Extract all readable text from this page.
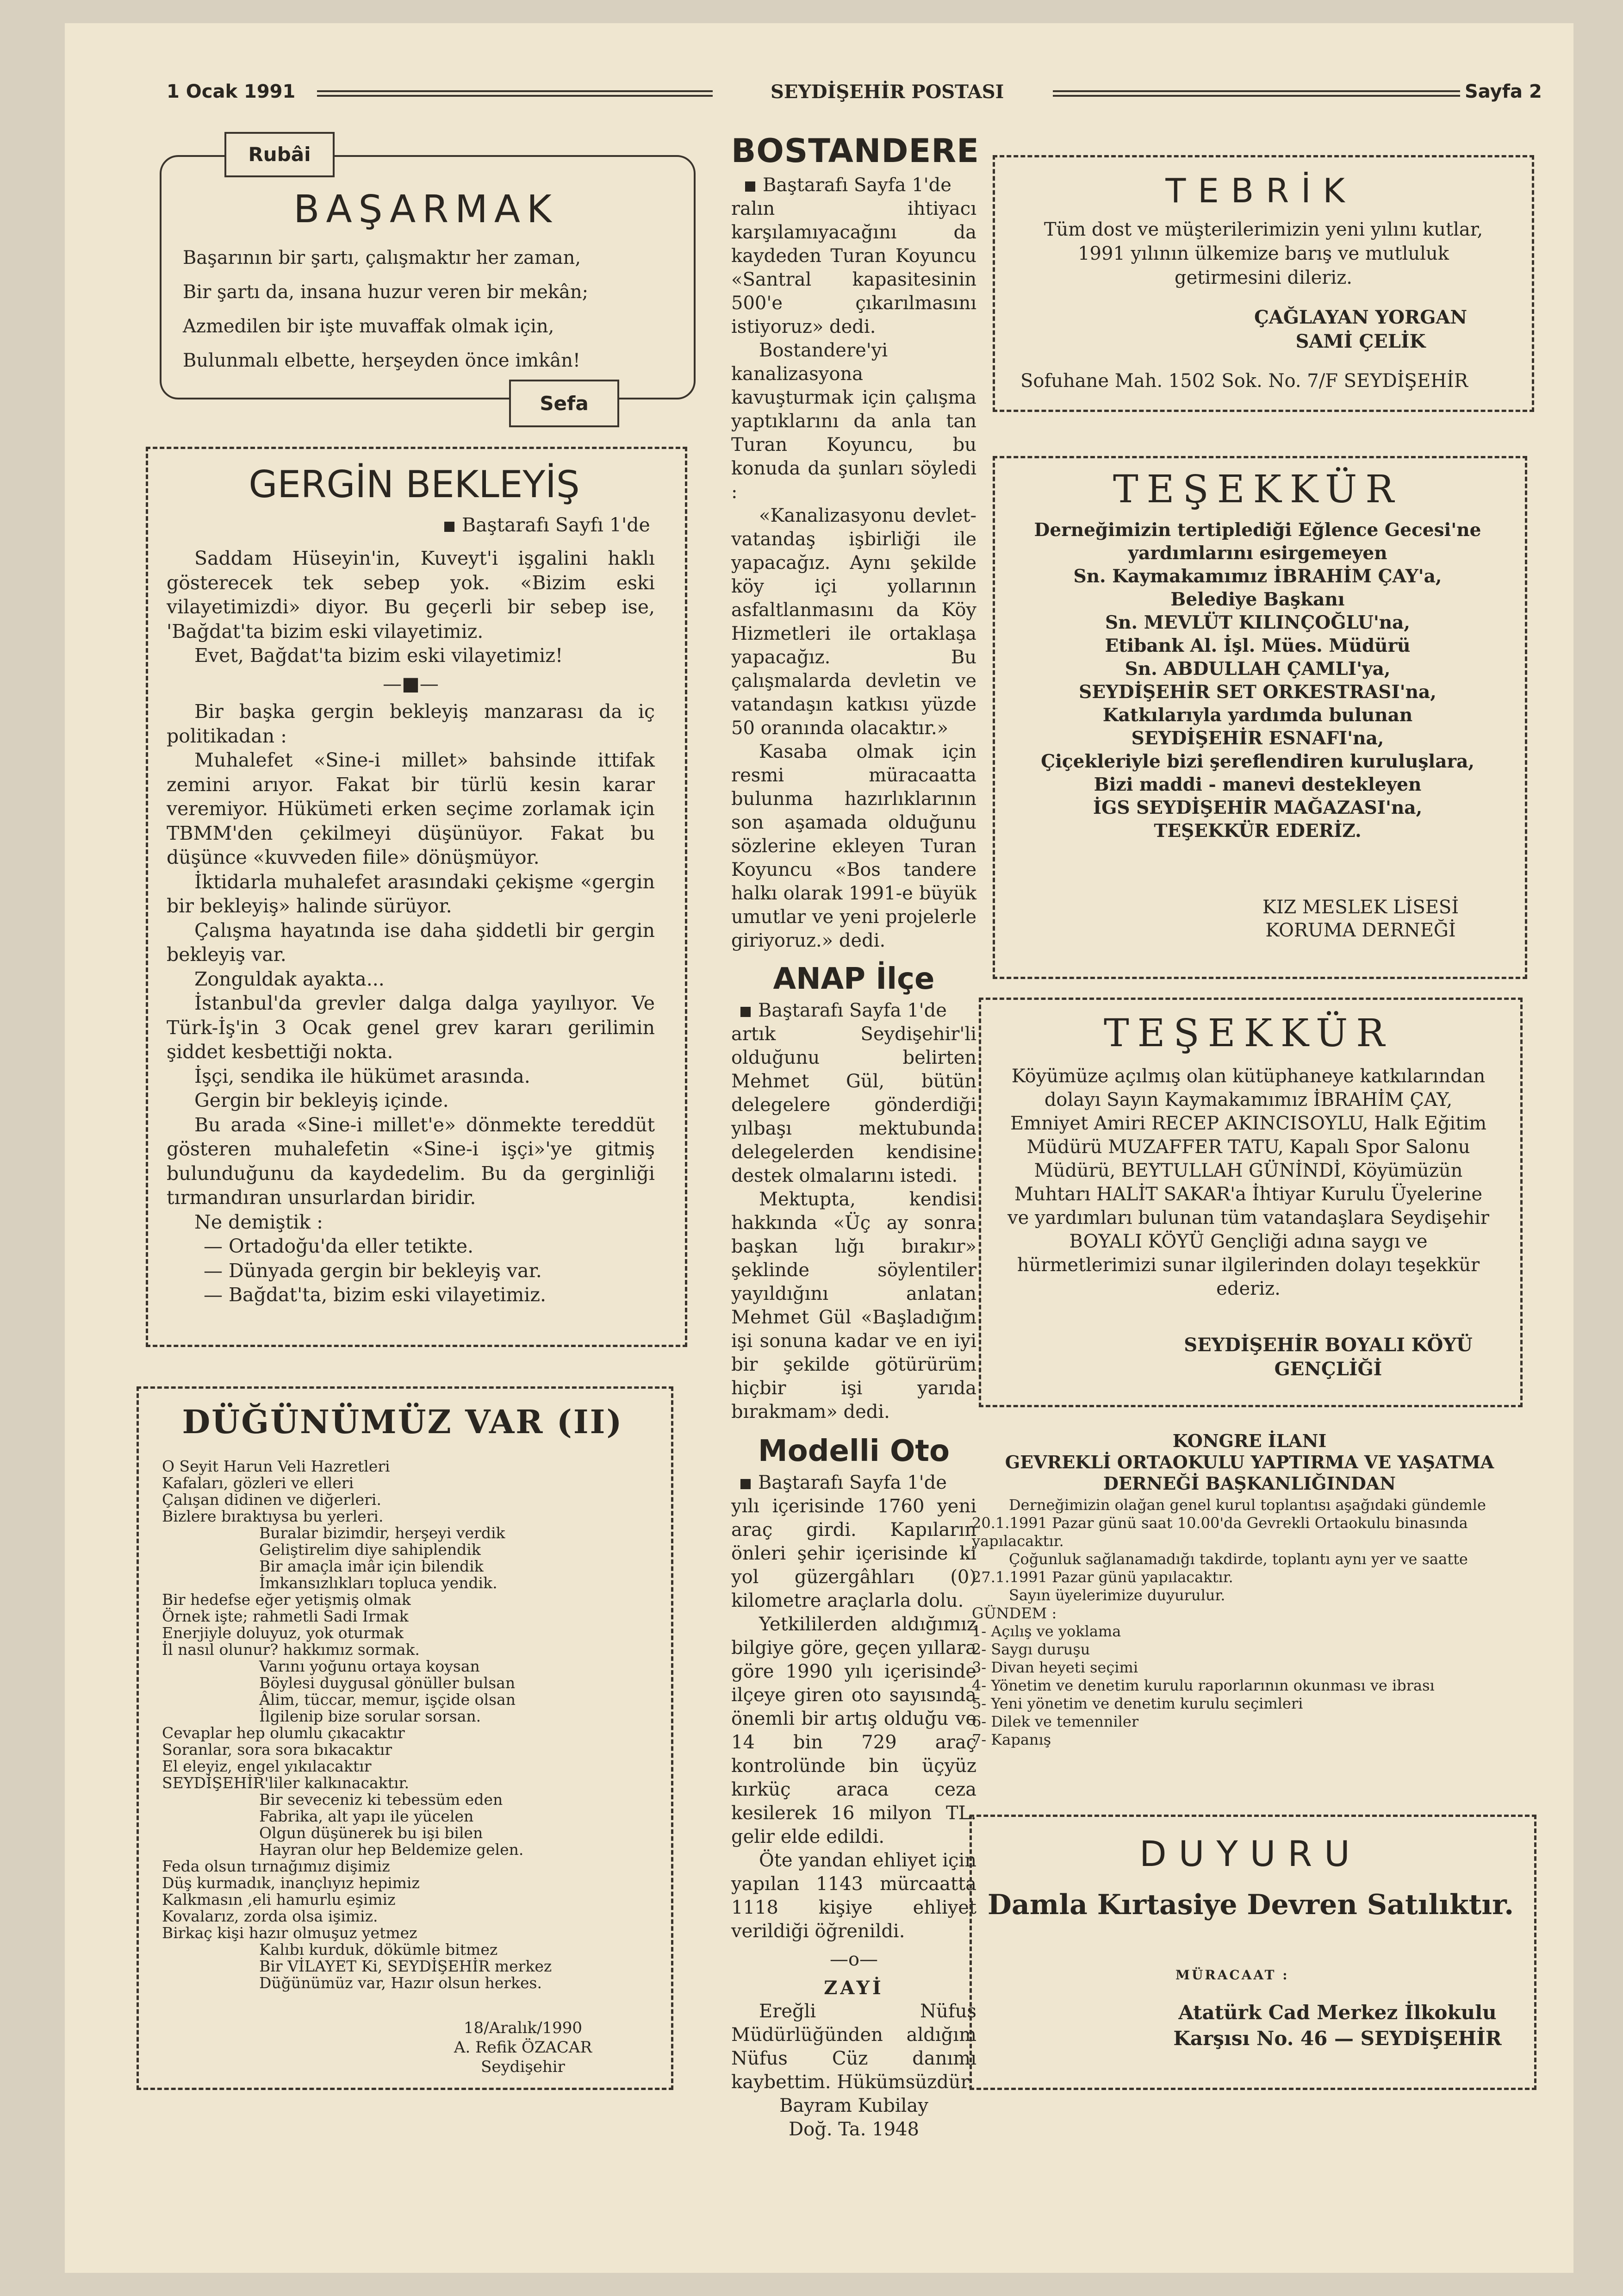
1 Ocak 1991	SEYDİŞEHİR POSTASI	Sayfa 2
Rubâi
BAŞARMAK
Başarının bir şartı, çalışmaktır her zaman,
Bir şartı da, insana huzur veren bir mekân;
Azmedilen bir işte muvaffak olmak için,
Bulunmalı elbette, herşeyden önce imkân!
Sefa
GERGİN BEKLEYİŞ
Baştarafı Sayfı 1'de

Saddam Hüseyin'in, Kuveyt'i işgalini haklı gösterecek tek sebep yok. «Bizim eski vilayetimizdi» diyor. Bu geçerli bir sebep ise, 'Bağdat'ta bizim eski vilayetimiz.

Evet, Bağdat'ta bizim eski vilayetimiz!

—■—

Bir başka gergin bekleyiş manzarası da iç politikadan :

Muhalefet «Sine-i millet» bahsinde ittifak zemini arıyor. Fakat bir türlü kesin karar veremiyor. Hükümeti erken seçime zorlamak için TBMM'den çekilmeyi düşünüyor. Fakat bu düşünce «kuvveden fiile» dönüşmüyor.

İktidarla muhalefet arasındaki çekişme «gergin bir bekleyiş» halinde sürüyor.

Çalışma hayatında ise daha şiddetli bir gergin bekleyiş var.

Zonguldak ayakta...

İstanbul'da grevler dalga dalga yayılıyor. Ve Türk-İş'in 3 Ocak genel grev kararı gerilimin şiddet kesbettiği nokta.

İşçi, sendika ile hükümet arasında.

Gergin bir bekleyiş içinde.

Bu arada «Sine-i millet'e» dönmekte tereddüt gösteren muhalefetin «Sine-i işçi»'ye gitmiş bulunduğunu da kaydedelim. Bu da gerginliği tırmandıran unsurlardan biridir.

Ne demiştik :

— Ortadoğu'da eller tetikte.
— Dünyada gergin bir bekleyiş var.
— Bağdat'ta, bizim eski vilayetimiz.
DÜĞÜNÜMÜZ VAR (II)
O Seyit Harun Veli Hazretleri
Kafaları, gözleri ve elleri
Çalışan didinen ve diğerleri.
Bizlere bıraktıysa bu yerleri.
Buralar bizimdir, herşeyi verdik
Geliştirelim diye sahiplendik
Bir amaçla imâr için bilendik
İmkansızlıkları topluca yendik.
Bir hedefse eğer yetişmiş olmak
Örnek işte; rahmetli Sadi Irmak
Enerjiyle doluyuz, yok oturmak
İl nasıl olunur? hakkımız sormak.
Varını yoğunu ortaya koysan
Böylesi duygusal gönüller bulsan
Âlim, tüccar, memur, işçide olsan
İlgilenip bize sorular sorsan.
Cevaplar hep olumlu çıkacaktır
Soranlar, sora sora bıkacaktır
El eleyiz, engel yıkılacaktır
SEYDİŞEHİR'liler kalkınacaktır.
Bir seveceniz ki tebessüm eden
Fabrika, alt yapı ile yücelen
Olgun düşünerek bu işi bilen
Hayran olur hep Beldemize gelen.
Feda olsun tırnağımız dişimiz
Düş kurmadık, inançlıyız hepimiz
Kalkmasın ,eli hamurlu eşimiz
Kovalarız, zorda olsa işimiz.
Birkaç kişi hazır olmuşuz yetmez
Kalıbı kurduk, dökümle bitmez
Bir VİLAYET Ki, SEYDİŞEHİR merkez
Düğünümüz var, Hazır olsun herkes.
18/Aralık/1990
A. Refik ÖZACAR
Seydişehir
BOSTANDERE
Baştarafı Sayfa 1'de

ralın ihtiyacı karşılamıyacağını da kaydeden Turan Koyuncu «Santral kapasitesinin 500'e çıkarılmasını istiyoruz» dedi.

Bostandere'yi kanalizasyona kavuşturmak için çalışma yaptıklarını da anla tan Turan Koyuncu, bu konuda da şunları söyledi :

«Kanalizasyonu devlet-vatandaş işbirliği ile yapacağız. Aynı şekilde köy içi yollarının asfaltlanmasını da Köy Hizmetleri ile ortaklaşa yapacağız. Bu çalışmalarda devletin ve vatandaşın katkısı yüzde 50 oranında olacaktır.»

Kasaba olmak için resmi müracaatta bulunma hazırlıklarının son aşamada olduğunu sözlerine ekleyen Turan Koyuncu «Bos tandere halkı olarak 1991-e büyük umutlar ve yeni projelerle giriyoruz.» dedi.

ANAP İlçe
Baştarafı Sayfa 1'de

artık Seydişehir'li olduğunu belirten Mehmet Gül, bütün delegelere gönderdiği yılbaşı mektubunda delegelerden kendisine destek olmalarını istedi.

Mektupta, kendisi hakkında «Üç ay sonra başkan lığı bırakır» şeklinde söylentiler yayıldığını anlatan Mehmet Gül «Başladığım işi sonuna kadar ve en iyi bir şekilde götürürüm hiçbir işi yarıda bırakmam» dedi.

Modelli Oto
Baştarafı Sayfa 1'de

yılı içerisinde 1760 yeni araç girdi. Kapıların önleri şehir içerisinde ki yol güzergâhları (0) kilometre araçlarla dolu.

Yetkililerden aldığımız bilgiye göre, geçen yıllara göre 1990 yılı içerisinde ilçeye giren oto sayısında önemli bir artış olduğu ve 14 bin 729 araç kontrolünde bin üçyüz kırküç araca ceza kesilerek 16 milyon TL. gelir elde edildi.

Öte yandan ehliyet için yapılan 1143 mürcaatta 1118 kişiye ehliyet verildiği öğrenildi.

—o—
ZAYİ

Ereğli Nüfus Müdürlüğünden aldığım Nüfus Cüz danımı kaybettim. Hükümsüzdür.

Bayram Kubilay
Doğ. Ta. 1948
TEBRİK
Tüm dost ve müşterilerimizin yeni yılını kutlar, 1991 yılının ülkemize barış ve mutluluk getirmesini dileriz.
ÇAĞLAYAN YORGAN
SAMİ ÇELİK
Sofuhane Mah. 1502 Sok. No. 7/F SEYDİŞEHİR
TEŞEKKÜR
Derneğimizin tertiplediği Eğlence Gecesi'ne
yardımlarını esirgemeyen
Sn. Kaymakamımız İBRAHİM ÇAY'a,
Belediye Başkanı
Sn. MEVLÜT KILINÇOĞLU'na,
Etibank Al. İşl. Mües. Müdürü
Sn. ABDULLAH ÇAMLI'ya,
SEYDİŞEHİR SET ORKESTRASI'na,
Katkılarıyla yardımda bulunan
SEYDİŞEHİR ESNAFI'na,
Çiçekleriyle bizi şereflendiren kuruluşlara,
Bizi maddi - manevi destekleyen
İGS SEYDİŞEHİR MAĞAZASI'na,
TEŞEKKÜR EDERİZ.
KIZ MESLEK LİSESİ
KORUMA DERNEĞİ
TEŞEKKÜR
Köyümüze açılmış olan kütüphaneye katkılarından dolayı Sayın Kaymakamımız İBRAHİM ÇAY, Emniyet Amiri RECEP AKINCISOYLU, Halk Eğitim Müdürü MUZAFFER TATU, Kapalı Spor Salonu Müdürü, BEYTULLAH GÜNİNDİ, Köyümüzün Muhtarı HALİT SAKAR'a İhtiyar Kurulu Üyelerine ve yardımları bulunan tüm vatandaşlara Seydişehir BOYALI KÖYÜ Gençliği adına saygı ve hürmetlerimizi sunar ilgilerinden dolayı teşekkür ederiz.
SEYDİŞEHİR BOYALI KÖYÜ
GENÇLİĞİ
KONGRE İLANI
GEVREKLİ ORTAOKULU YAPTIRMA VE YAŞATMA
DERNEĞİ BAŞKANLIĞINDAN
Derneğimizin olağan genel kurul toplantısı aşağıdaki gündemle 20.1.1991 Pazar günü saat 10.00'da Gevrekli Ortaokulu binasında yapılacaktır.
Çoğunluk sağlanamadığı takdirde, toplantı aynı yer ve saatte 27.1.1991 Pazar günü yapılacaktır.
Sayın üyelerimize duyurulur.
GÜNDEM :
1- Açılış ve yoklama
2- Saygı duruşu
3- Divan heyeti seçimi
4- Yönetim ve denetim kurulu raporlarının okunması ve ibrası
5- Yeni yönetim ve denetim kurulu seçimleri
6- Dilek ve temenniler
7- Kapanış
DUYURU
Damla Kırtasiye Devren Satılıktır.
MÜRACAAT :
Atatürk Cad Merkez İlkokulu
Karşısı No. 46 — SEYDİŞEHİR
